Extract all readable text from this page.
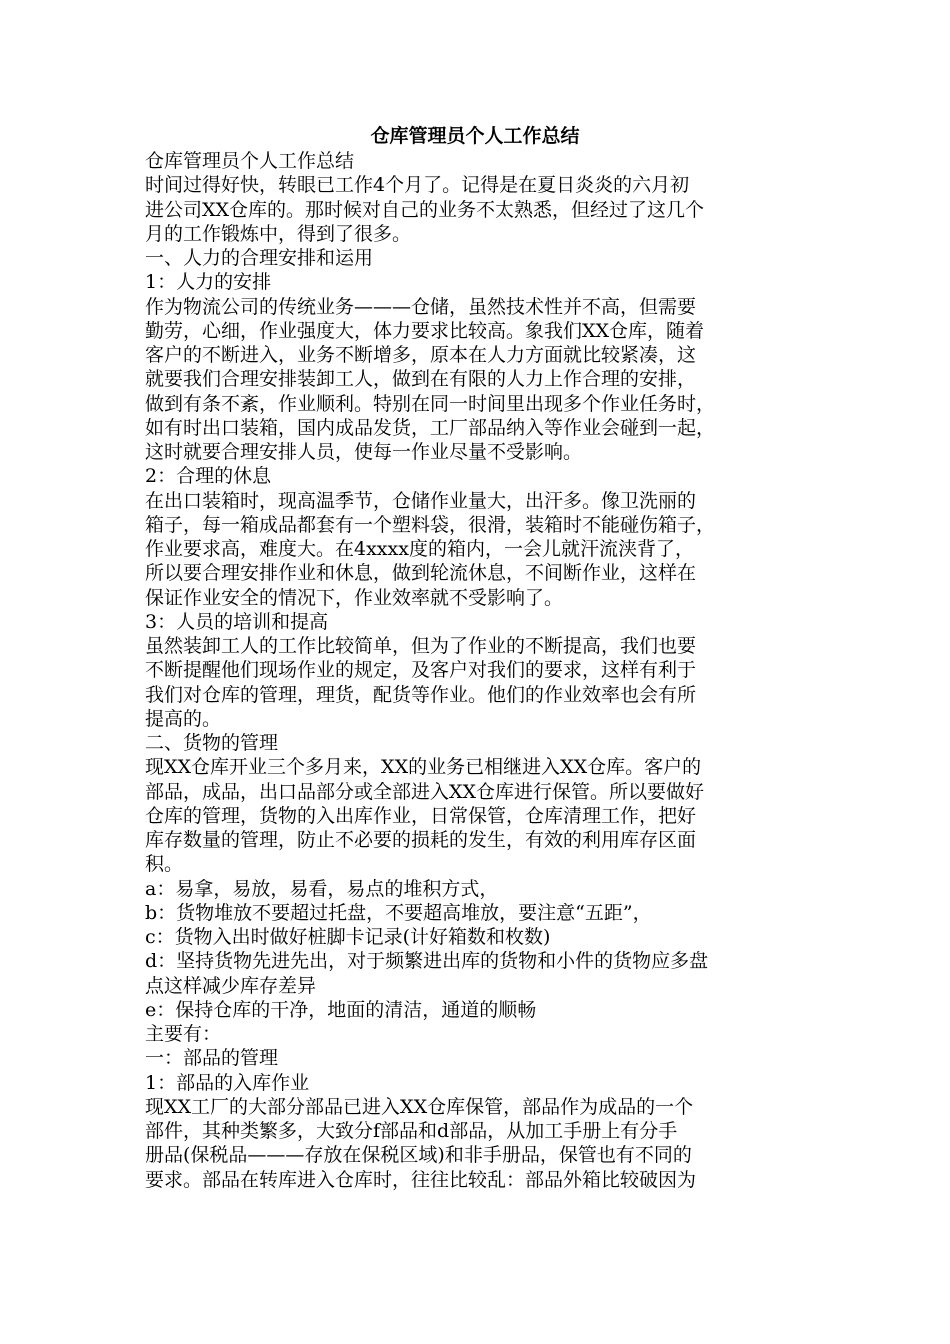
仓库管理员个人工作总结
仓库管理员个人工作总结
时间过得好快，转眼已工作4个月了。记得是在夏日炎炎的六月初
进公司XX仓库的。那时候对自己的业务不太熟悉，但经过了这几个
月的工作锻炼中，得到了很多。
一、人力的合理安排和运用
1：人力的安排
作为物流公司的传统业务———仓储，虽然技术性并不高，但需要
勤劳，心细，作业强度大，体力要求比较高。象我们XX仓库，随着
客户的不断进入，业务不断增多，原本在人力方面就比较紧凑，这
就要我们合理安排装卸工人，做到在有限的人力上作合理的安排，
做到有条不紊，作业顺利。特别在同一时间里出现多个作业任务时，
如有时出口装箱，国内成品发货，工厂部品纳入等作业会碰到一起，
这时就要合理安排人员，使每一作业尽量不受影响。
2：合理的休息
在出口装箱时，现高温季节，仓储作业量大，出汗多。像卫洗丽的
箱子，每一箱成品都套有一个塑料袋，很滑，装箱时不能碰伤箱子，
作业要求高，难度大。在4xxxx度的箱内，一会儿就汗流浃背了，
所以要合理安排作业和休息，做到轮流休息，不间断作业，这样在
保证作业安全的情况下，作业效率就不受影响了。
3：人员的培训和提高
虽然装卸工人的工作比较简单，但为了作业的不断提高，我们也要
不断提醒他们现场作业的规定，及客户对我们的要求，这样有利于
我们对仓库的管理，理货，配货等作业。他们的作业效率也会有所
提高的。
二、货物的管理
现XX仓库开业三个多月来，XX的业务已相继进入XX仓库。客户的
部品，成品，出口品部分或全部进入XX仓库进行保管。所以要做好
仓库的管理，货物的入出库作业，日常保管，仓库清理工作，把好
库存数量的管理，防止不必要的损耗的发生，有效的利用库存区面
积。
a：易拿，易放，易看，易点的堆积方式，
b：货物堆放不要超过托盘，不要超高堆放，要注意“五距”，
c：货物入出时做好桩脚卡记录(计好箱数和枚数)
d：坚持货物先进先出，对于频繁进出库的货物和小件的货物应多盘
点这样减少库存差异
e：保持仓库的干净，地面的清洁，通道的顺畅
主要有：
一：部品的管理
1：部品的入库作业
现XX工厂的大部分部品已进入XX仓库保管，部品作为成品的一个
部件，其种类繁多，大致分f部品和d部品，从加工手册上有分手
册品(保税品———存放在保税区域)和非手册品，保管也有不同的
要求。部品在转库进入仓库时，往往比较乱：部品外箱比较破因为
